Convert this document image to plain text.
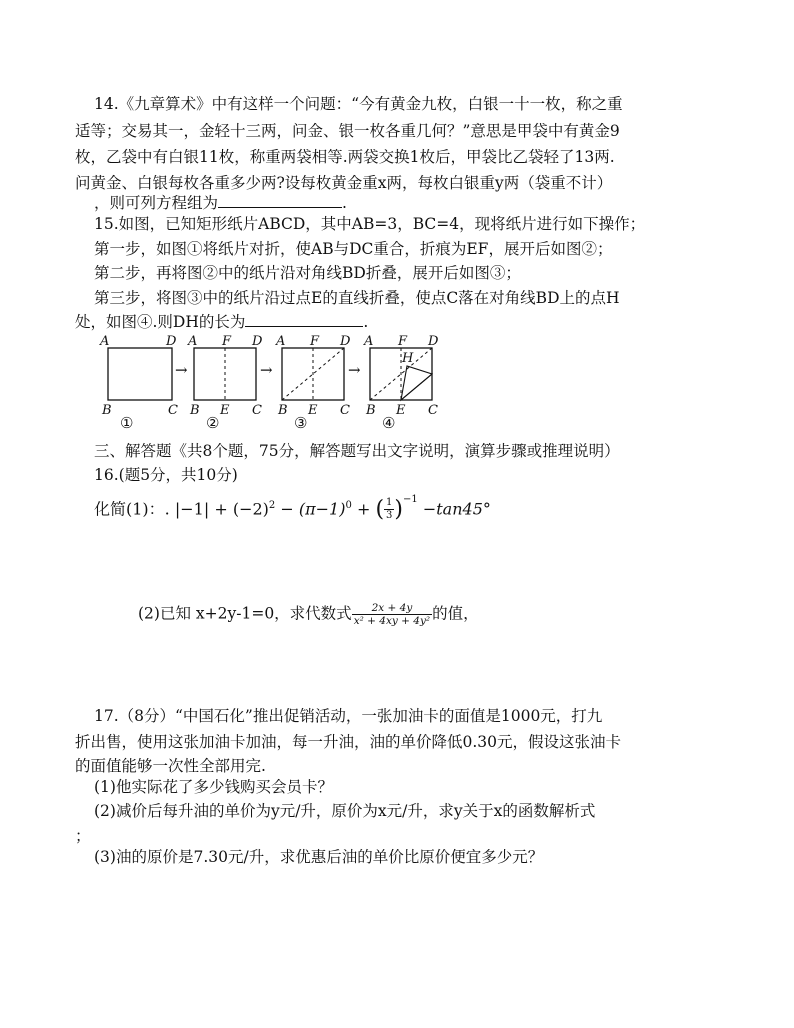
14.《九章算术》中有这样一个问题：“今有黄金九枚，白银一十一枚，称之重
适等；交易其一，金轻十三两，问金、银一枚各重几何？”意思是甲袋中有黄金9
枚，乙袋中有白银11枚，称重两袋相等.两袋交换1枚后，甲袋比乙袋轻了13两.
问黄金、白银每枚各重多少两?设每枚黄金重x两，每枚白银重y两（袋重不计）
，则可列方程组为	.
15.如图，已知矩形纸片ABCD，其中AB=3，BC=4，现将纸片进行如下操作；
第一步，如图①将纸片对折，使AB与DC重合，折痕为EF，展开后如图②；
第二步，再将图②中的纸片沿对角线BD折叠，展开后如图③；
第三步，将图③中的纸片沿过点E的直线折叠，使点C落在对角线BD上的点H
处，如图④.则DH的长为	.
A	D
B	C
①
→
A F D
B E C
②
→
A F D
B E C
③
→
A F D
H
B E C
④
三、解答题《共8个题，75分，解答题写出文字说明，演算步骤或推理说明）
16.(题5分，共10分)
化简(1)：. $|-1| + (-2)^2 - (\pi-1)^0$ + ( $\frac{1}{3} )^{-1} -\tan 45^\circ$
(2)已知 x+2y-1=0，求代数式 $\frac{2x + 4y}{\text{x² + 4xy + 4y²}}$ 的值，
17.（8分）“中国石化”推出促销活动，一张加油卡的面值是1000元，打九
折出售，使用这张加油卡加油，每一升油，油的单价降低0.30元，假设这张油卡
的面值能够一次性全部用完.
(1)他实际花了多少钱购买会员卡？
(2)减价后每升油的单价为y元/升，原价为x元/升，求y关于x的函数解析式
；
(3)油的原价是7.30元/升，求优惠后油的单价比原价便宜多少元？
